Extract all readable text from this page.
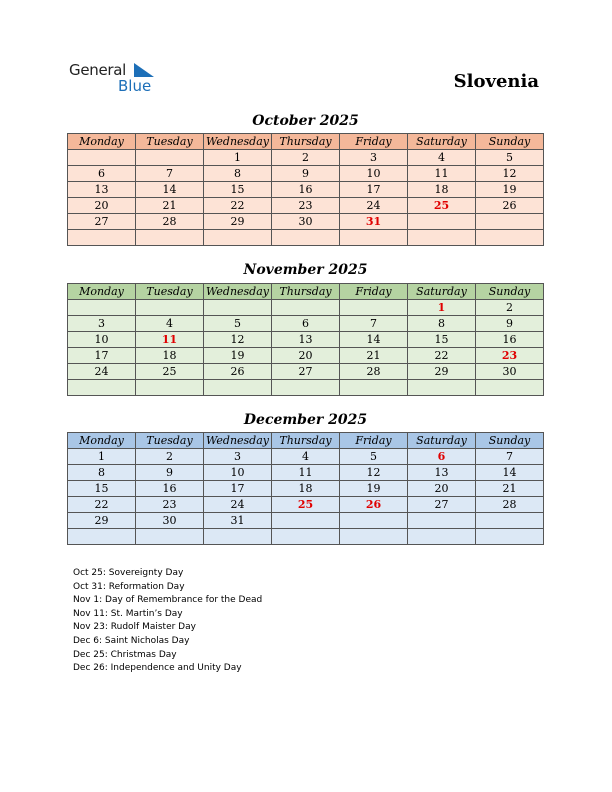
General
Blue	Slovenia
October 2025
Monday	Tuesday	Wednesday	Thursday	Friday	Saturday	Sunday
		1	2	3	4	5
6	7	8	9	10	11	12
13	14	15	16	17	18	19
20	21	22	23	24	25	26
27	28	29	30	31		

November 2025
Monday	Tuesday	Wednesday	Thursday	Friday	Saturday	Sunday
					1	2
3	4	5	6	7	8	9
10	11	12	13	14	15	16
17	18	19	20	21	22	23
24	25	26	27	28	29	30

December 2025
Monday	Tuesday	Wednesday	Thursday	Friday	Saturday	Sunday
1	2	3	4	5	6	7
8	9	10	11	12	13	14
15	16	17	18	19	20	21
22	23	24	25	26	27	28
29	30	31				

Oct 25: Sovereignty Day
Oct 31: Reformation Day
Nov 1: Day of Remembrance for the Dead
Nov 11: St. Martin’s Day
Nov 23: Rudolf Maister Day
Dec 6: Saint Nicholas Day
Dec 25: Christmas Day
Dec 26: Independence and Unity Day
